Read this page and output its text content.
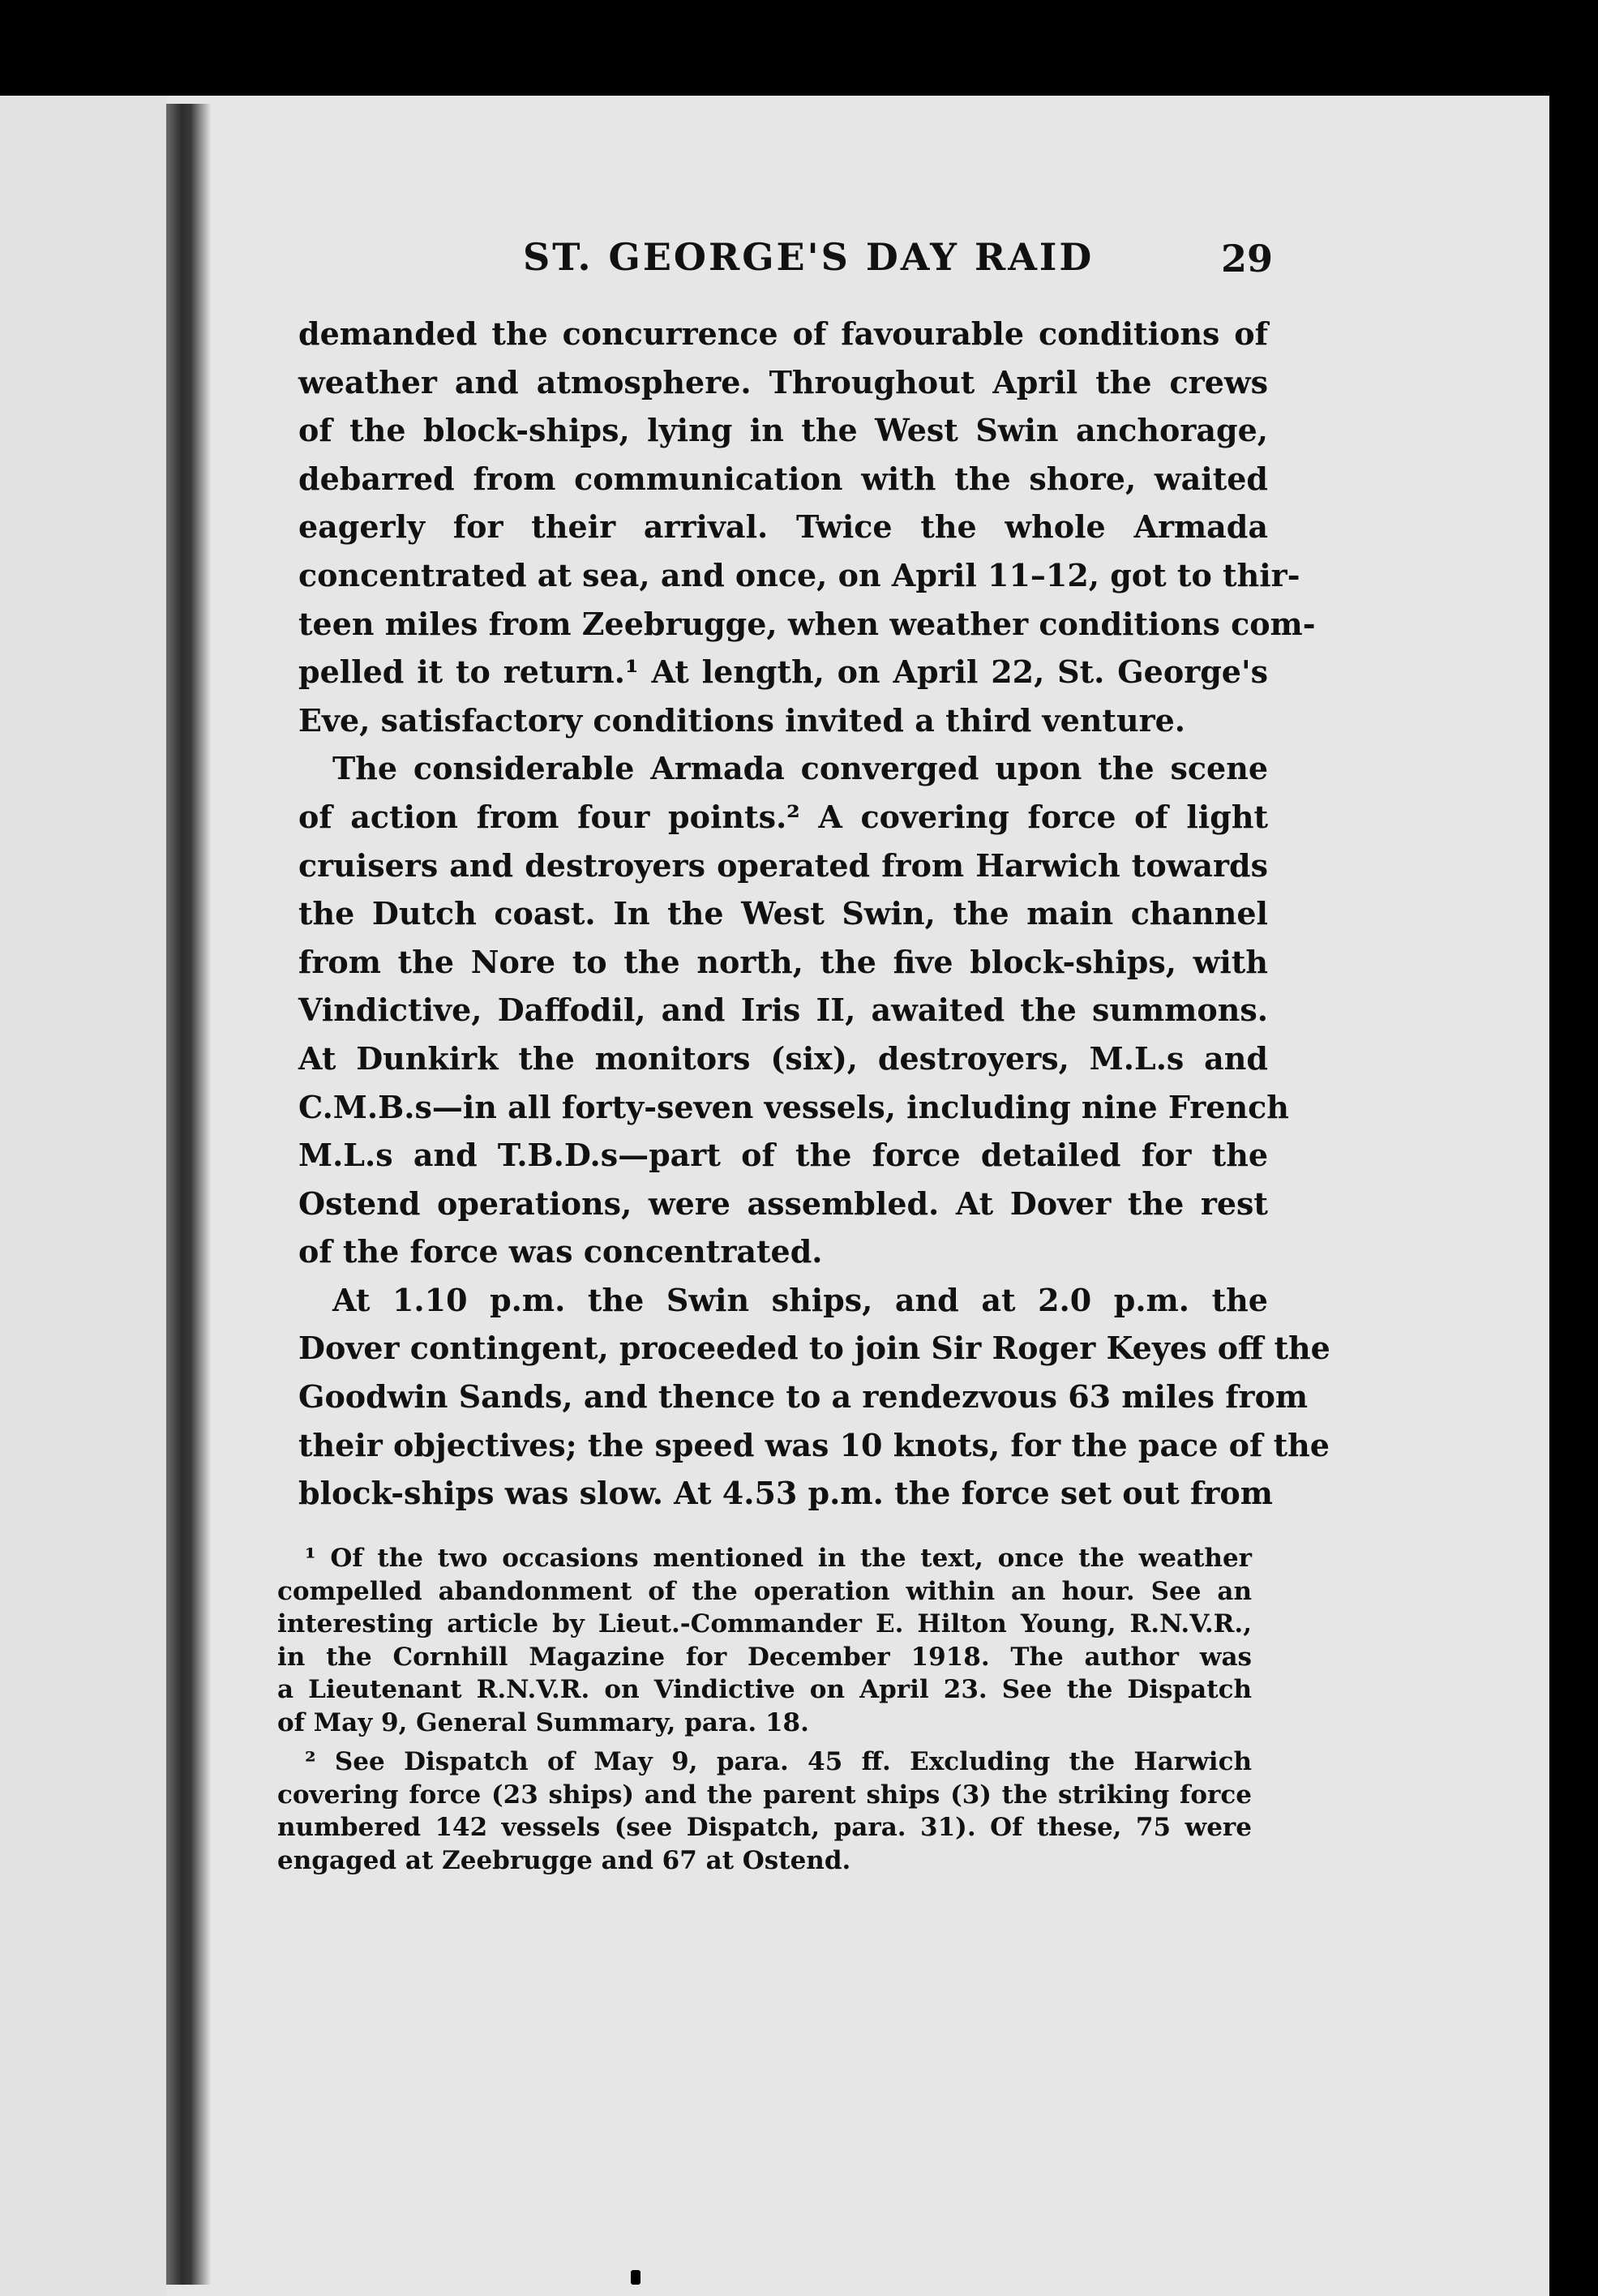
ST. GEORGE'S DAY RAID	29
demanded the concurrence of favourable conditions of
weather and atmosphere. Throughout April the crews
of the block-ships, lying in the West Swin anchorage,
debarred from communication with the shore, waited
eagerly for their arrival. Twice the whole Armada
concentrated at sea, and once, on April 11–12, got to thir-
teen miles from Zeebrugge, when weather conditions com-
pelled it to return.¹ At length, on April 22, St. George's
Eve, satisfactory conditions invited a third venture.
The considerable Armada converged upon the scene
of action from four points.² A covering force of light
cruisers and destroyers operated from Harwich towards
the Dutch coast. In the West Swin, the main channel
from the Nore to the north, the five block-ships, with
Vindictive, Daffodil, and Iris II, awaited the summons.
At Dunkirk the monitors (six), destroyers, M.L.s and
C.M.B.s—in all forty-seven vessels, including nine French
M.L.s and T.B.D.s—part of the force detailed for the
Ostend operations, were assembled. At Dover the rest
of the force was concentrated.
At 1.10 p.m. the Swin ships, and at 2.0 p.m. the
Dover contingent, proceeded to join Sir Roger Keyes off the
Goodwin Sands, and thence to a rendezvous 63 miles from
their objectives; the speed was 10 knots, for the pace of the
block-ships was slow. At 4.53 p.m. the force set out from
¹ Of the two occasions mentioned in the text, once the weather
compelled abandonment of the operation within an hour. See an
interesting article by Lieut.-Commander E. Hilton Young, R.N.V.R.,
in the Cornhill Magazine for December 1918. The author was
a Lieutenant R.N.V.R. on Vindictive on April 23. See the Dispatch
of May 9, General Summary, para. 18.
² See Dispatch of May 9, para. 45 ff. Excluding the Harwich
covering force (23 ships) and the parent ships (3) the striking force
numbered 142 vessels (see Dispatch, para. 31). Of these, 75 were
engaged at Zeebrugge and 67 at Ostend.
